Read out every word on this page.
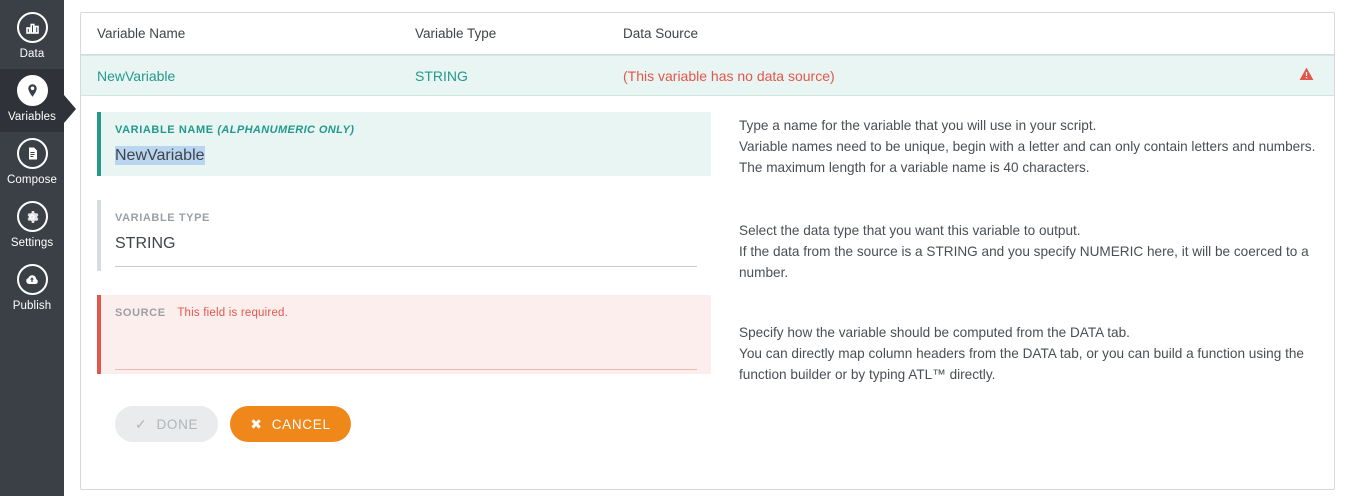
Data
Variables
Compose
Settings
Publish
Variable Name	Variable Type	Data Source
NewVariable	STRING	(This variable has no data source)
VARIABLE NAME (ALPHANUMERIC ONLY)
NewVariable
VARIABLE TYPE
STRING
SOURCE This field is required.
✓ DONE	✖ CANCEL
Type a name for the variable that you will use in your script.
Variable names need to be unique, begin with a letter and can only contain letters and numbers.
The maximum length for a variable name is 40 characters.
Select the data type that you want this variable to output.
If the data from the source is a STRING and you specify NUMERIC here, it will be coerced to a number.
Specify how the variable should be computed from the DATA tab.
You can directly map column headers from the DATA tab, or you can build a function using the function builder or by typing ATL™ directly.
